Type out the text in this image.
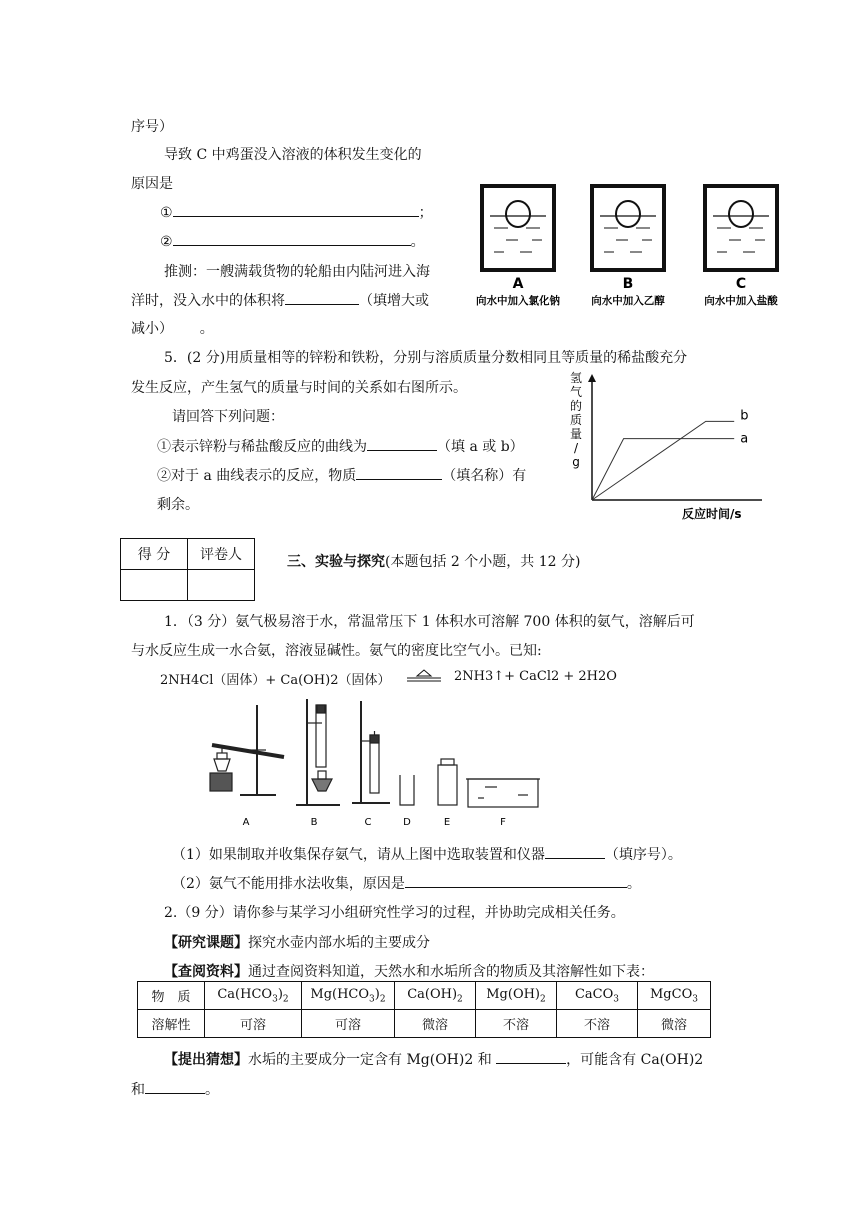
序号）
导致 C 中鸡蛋没入溶液的体积发生变化的
原因是
①	；
②	。
推测：一艘满载货物的轮船由内陆河进入海
洋时，没入水中的体积将	（填增大或
减小）      。
A
向水中加入氯化钠
B
向水中加入乙醇
C
向水中加入盐酸
5．(2 分)用质量相等的锌粉和铁粉，分别与溶质质量分数相同且等质量的稀盐酸充分
发生反应，产生氢气的质量与时间的关系如右图所示。
请回答下列问题：
①表示锌粉与稀盐酸反应的曲线为	（填 a 或 b）
②对于 a 曲线表示的反应，物质	（填名称）有
剩余。
氢
气
的
质
量
/
g
反应时间/s
a
b
得 分	评卷人
		三、实验与探究(本题包括 2 个小题，共 12 分)
1．（3 分）氨气极易溶于水，常温常压下 1 体积水可溶解 700 体积的氨气，溶解后可
与水反应生成一水合氨，溶液显碱性。氨气的密度比空气小。已知:
2NH4Cl（固体）+ Ca(OH)2（固体）	2NH3↑+ CaCl2 + 2H2O
A	B	C	D	E	F
（1）如果制取并收集保存氨气，请从上图中选取装置和仪器	（填序号）。
（2）氨气不能用排水法收集，原因是	。
2.（9 分）请你参与某学习小组研究性学习的过程，并协助完成相关任务。
【研究课题】探究水壶内部水垢的主要成分
【查阅资料】通过查阅资料知道，天然水和水垢所含的物质及其溶解性如下表：
物　质	$Ca(HCO_3)_2$	$Mg(HCO_3)_2$	$Ca(OH)_2$	$Mg(OH)_2$	CaCO$_3$	MgCO$_3$
溶解性	可溶	可溶	微溶	不溶	不溶	微溶
【提出猜想】水垢的主要成分一定含有 Mg(OH)2 和	，可能含有 Ca(OH)2
和	。
